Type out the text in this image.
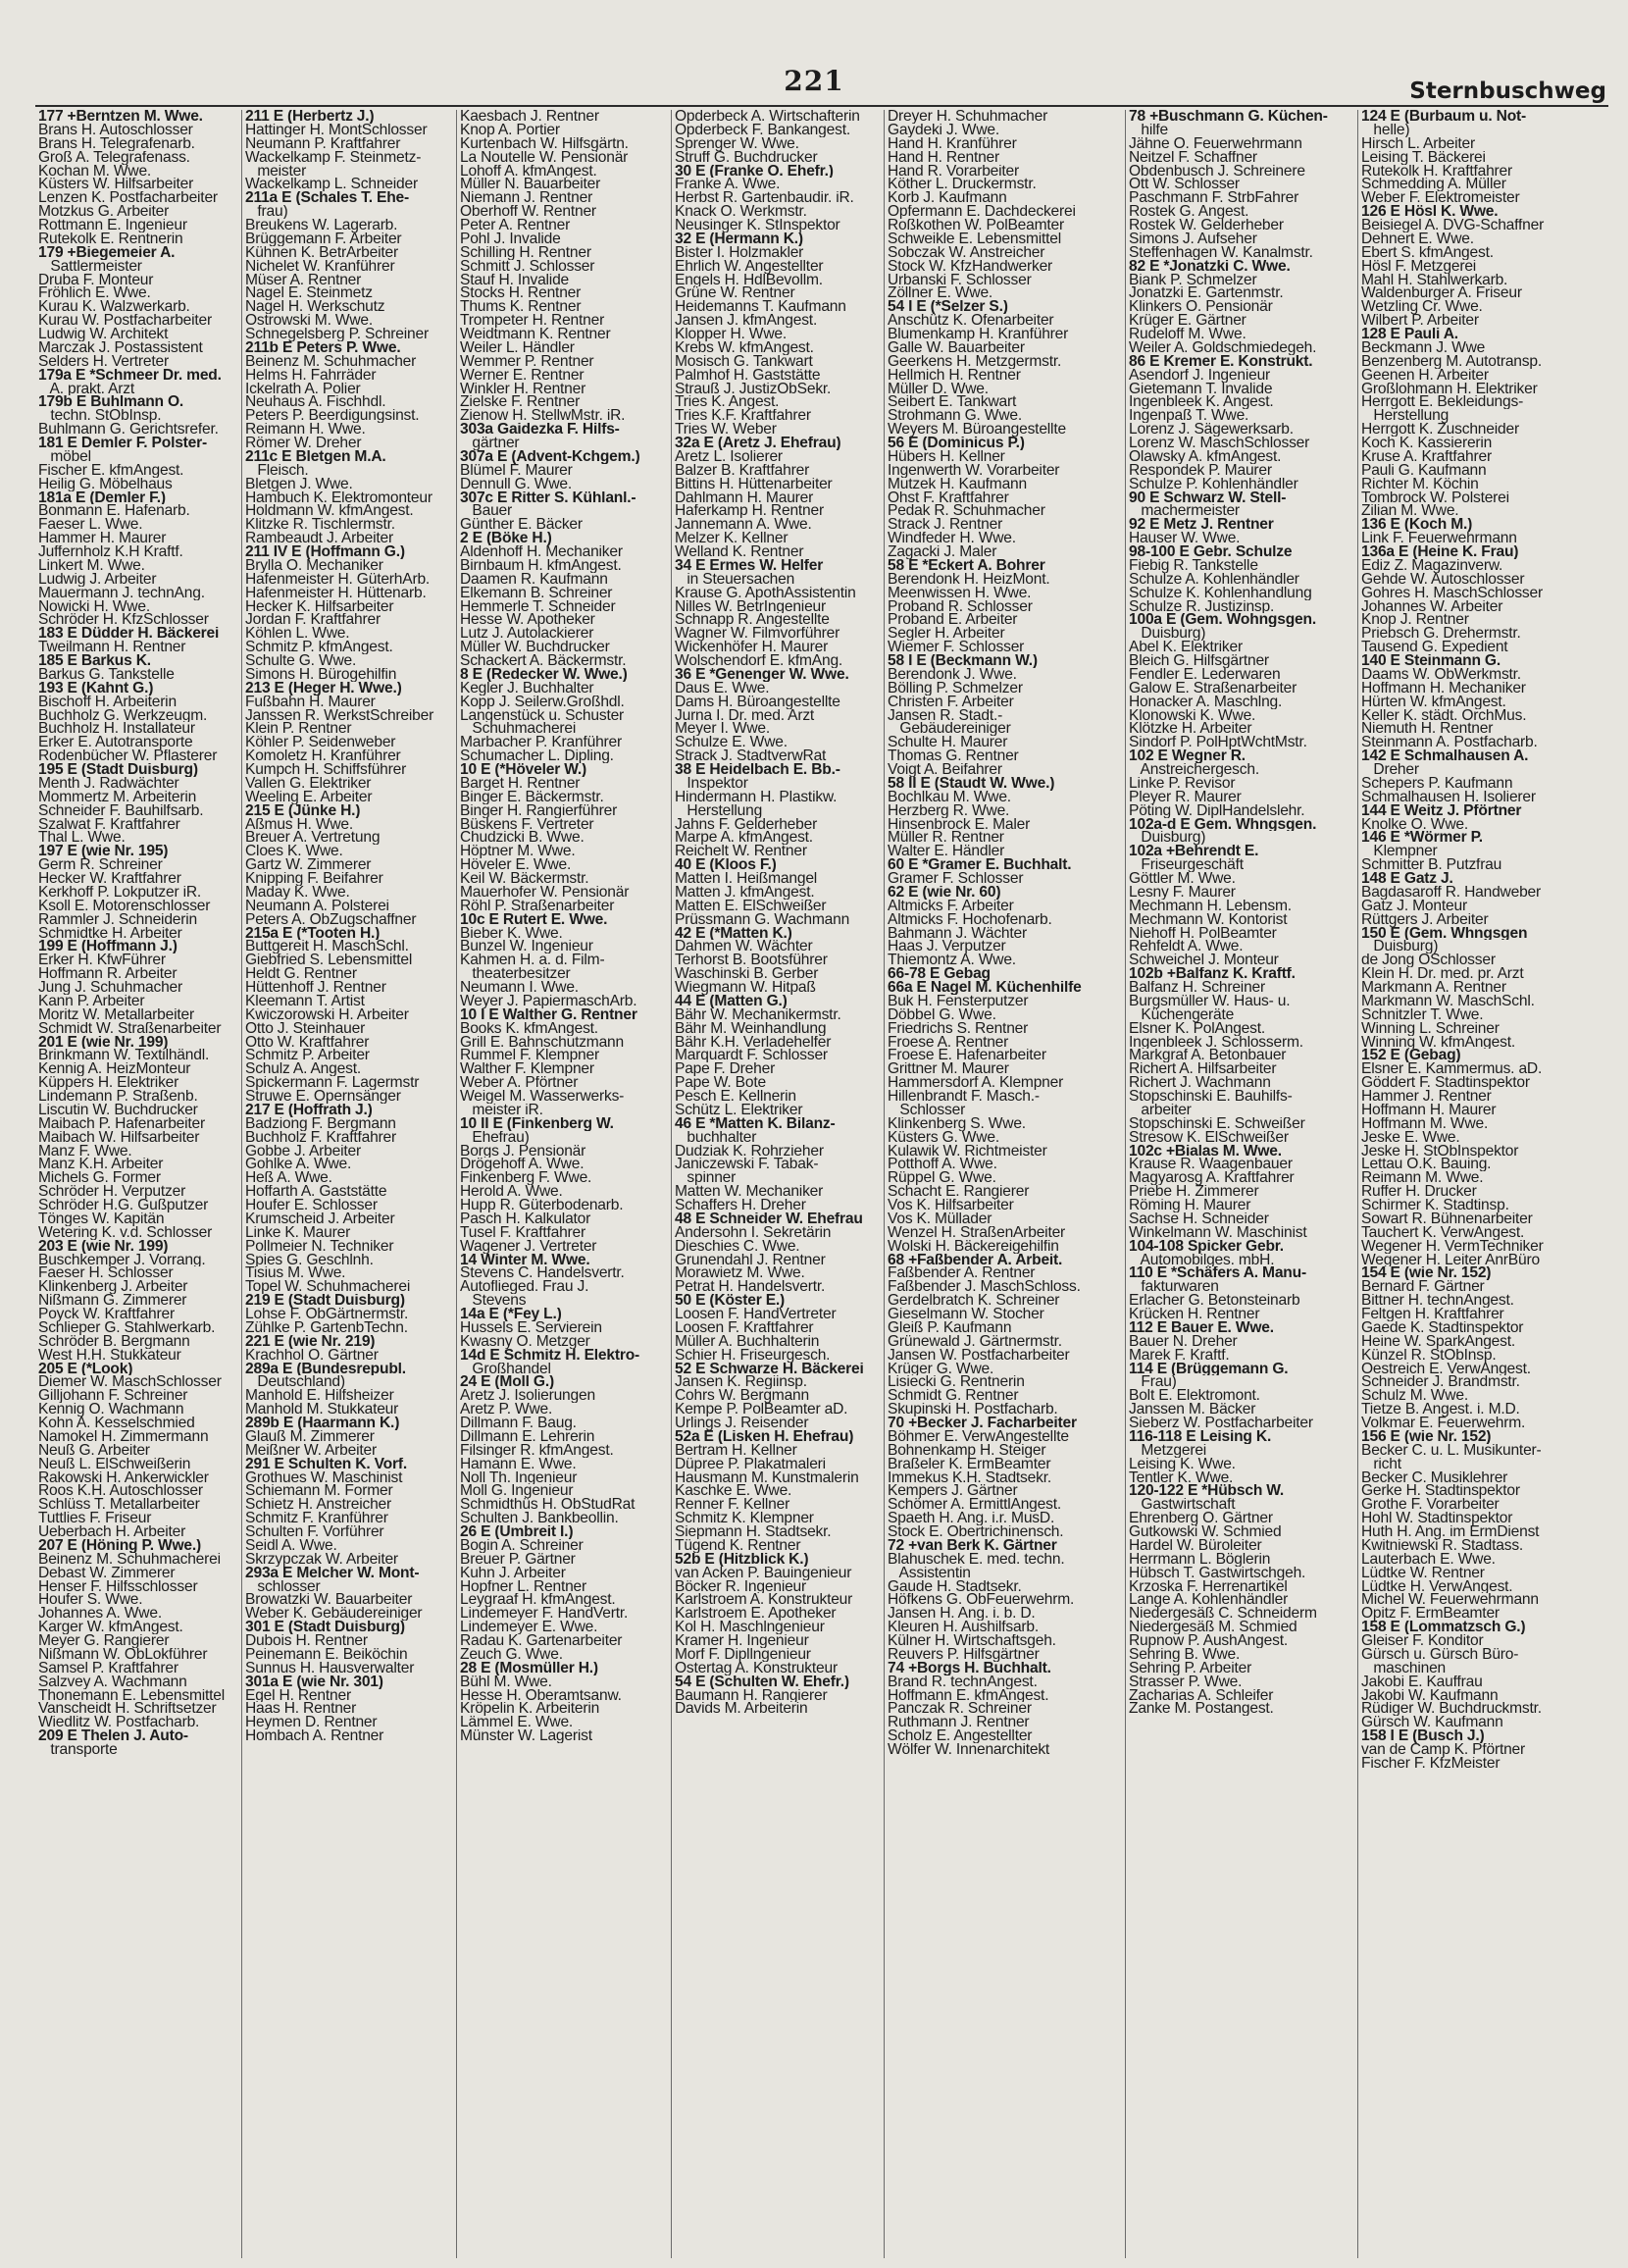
221	Sternbuschweg
177 +Berntzen M. Wwe.
Brans H. Autoschlosser
Brans H. Telegrafenarb.
Groß A. Telegrafenass.
Kochan M. Wwe.
Küsters W. Hilfsarbeiter
Lenzen K. Postfacharbeiter
Motzkus G. Arbeiter
Rottmann E. Ingenieur
Rutekolk E. Rentnerin
179 +Biegemeier A.
Sattlermeister
Druba F. Monteur
Fröhlich E. Wwe.
Kurau K. Walzwerkarb.
Kurau W. Postfacharbeiter
Ludwig W. Architekt
Marczak J. Postassistent
Selders H. Vertreter
179a E *Schmeer Dr. med.
A. prakt. Arzt
179b E Buhlmann O.
techn. StObInsp.
Buhlmann G. Gerichtsrefer.
181 E Demler F. Polster-
möbel
Fischer E. kfmAngest.
Heilig G. Möbelhaus
181a E (Demler F.)
Bonmann E. Hafenarb.
Faeser L. Wwe.
Hammer H. Maurer
Juffernholz K.H Kraftf.
Linkert M. Wwe.
Ludwig J. Arbeiter
Mauermann J. technAng.
Nowicki H. Wwe.
Schröder H. KfzSchlosser
183 E Düdder H. Bäckerei
Tweilmann H. Rentner
185 E Barkus K.
Barkus G. Tankstelle
193 E (Kahnt G.)
Bischoff H. Arbeiterin
Buchholz G. Werkzeugm.
Buchholz H. Installateur
Erker E. Autotransporte
Rodenbücher W. Pflasterer
195 E (Stadt Duisburg)
Menth J. Radwächter
Mommertz M. Arbeiterin
Schneider F. Bauhilfsarb.
Szalwat F. Kraftfahrer
Thal L. Wwe.
197 E (wie Nr. 195)
Germ R. Schreiner
Hecker W. Kraftfahrer
Kerkhoff P. Lokputzer iR.
Ksoll E. Motorenschlosser
Rammler J. Schneiderin
Schmidtke H. Arbeiter
199 E (Hoffmann J.)
Erker H. KfwFührer
Hoffmann R. Arbeiter
Jung J. Schuhmacher
Kann P. Arbeiter
Moritz W. Metallarbeiter
Schmidt W. Straßenarbeiter
201 E (wie Nr. 199)
Brinkmann W. Textilhändl.
Kennig A. HeizMonteur
Küppers H. Elektriker
Lindemann P. Straßenb.
Liscutin W. Buchdrucker
Maibach P. Hafenarbeiter
Maibach W. Hilfsarbeiter
Manz F. Wwe.
Manz K.H. Arbeiter
Michels G. Former
Schröder H. Verputzer
Schröder H.G. Gußputzer
Tönges W. Kapitän
Wetering K. v.d. Schlosser
203 E (wie Nr. 199)
Buschkemper J. Vorrang.
Faeser H. Schlosser
Klinkenberg J. Arbeiter
Nißmann G. Zimmerer
Poyck W. Kraftfahrer
Schlieper G. Stahlwerkarb.
Schröder B. Bergmann
West H.H. Stukkateur
205 E (*Look)
Diemer W. MaschSchlosser
Gilljohann F. Schreiner
Kennig O. Wachmann
Kohn A. Kesselschmied
Namokel H. Zimmermann
Neuß G. Arbeiter
Neuß L. ElSchweißerin
Rakowski H. Ankerwickler
Roos K.H. Autoschlosser
Schlüss T. Metallarbeiter
Tuttlies F. Friseur
Ueberbach H. Arbeiter
207 E (Höning P. Wwe.)
Beinenz M. Schuhmacherei
Debast W. Zimmerer
Henser F. Hilfsschlosser
Houfer S. Wwe.
Johannes A. Wwe.
Karger W. kfmAngest.
Meyer G. Rangierer
Nißmann W. ObLokführer
Samsel P. Kraftfahrer
Salzvey A. Wachmann
Thonemann E. Lebensmittel
Vanscheidt H. Schriftsetzer
Wiedlitz W. Postfacharb.
209 E Thelen J. Auto-
transporte
211 E (Herbertz J.)
Hattinger H. MontSchlosser
Neumann P. Kraftfahrer
Wackelkamp F. Steinmetz-
meister
Wackelkamp L. Schneider
211a E (Schales T. Ehe-
frau)
Breukens W. Lagerarb.
Brüggemann F. Arbeiter
Kühnen K. BetrArbeiter
Nichelet W. Kranführer
Müser A. Rentner
Nagel E. Steinmetz
Nagel H. Werkschutz
Ostrowski M. Wwe.
Schnegelsberg P. Schreiner
211b E Peters P. Wwe.
Beinenz M. Schuhmacher
Helms H. Fahrräder
Ickelrath A. Polier
Neuhaus A. Fischhdl.
Peters P. Beerdigungsinst.
Reimann H. Wwe.
Römer W. Dreher
211c E Bletgen M.A.
Fleisch.
Bletgen J. Wwe.
Hambuch K. Elektromonteur
Holdmann W. kfmAngest.
Klitzke R. Tischlermstr.
Rambeaudt J. Arbeiter
211 IV E (Hoffmann G.)
Brylla O. Mechaniker
Hafenmeister H. GüterhArb.
Hafenmeister H. Hüttenarb.
Hecker K. Hilfsarbeiter
Jordan F. Kraftfahrer
Köhlen L. Wwe.
Schmitz P. kfmAngest.
Schulte G. Wwe.
Simons H. Bürogehilfin
213 E (Heger H. Wwe.)
Fußbahn H. Maurer
Janssen R. WerkstSchreiber
Klein P. Rentner
Köhler P. Seidenweber
Komoletz H. Kranführer
Kumpch H. Schiffsführer
Vallen G. Elektriker
Weeling E. Arbeiter
215 E (Jünke H.)
Aßmus H. Wwe.
Breuer A. Vertretung
Cloes K. Wwe.
Gartz W. Zimmerer
Knipping F. Beifahrer
Maday K. Wwe.
Neumann A. Polsterei
Peters A. ObZugschaffner
215a E (*Tooten H.)
Buttgereit H. MaschSchl.
Giebfried S. Lebensmittel
Heldt G. Rentner
Hüttenhoff J. Rentner
Kleemann T. Artist
Kwiczorowski H. Arbeiter
Otto J. Steinhauer
Otto W. Kraftfahrer
Schmitz P. Arbeiter
Schulz A. Angest.
Spickermann F. Lagermstr
Struwe E. Opernsänger
217 E (Hoffrath J.)
Badziong F. Bergmann
Buchholz F. Kraftfahrer
Gobbe J. Arbeiter
Gohlke A. Wwe.
Heß A. Wwe.
Hoffarth A. Gaststätte
Houfer E. Schlosser
Krumscheid J. Arbeiter
Linke K. Maurer
Pollmeier N. Techniker
Spies G. Geschlnh.
Tisius M. Wwe.
Topel W. Schuhmacherei
219 E (Stadt Duisburg)
Lohse F. ObGärtnermstr.
Zühlke P. GartenbTechn.
221 E (wie Nr. 219)
Krachhol O. Gärtner
289a E (Bundesrepubl.
Deutschland)
Manhold E. Hilfsheizer
Manhold M. Stukkateur
289b E (Haarmann K.)
Glauß M. Zimmerer
Meißner W. Arbeiter
291 E Schulten K. Vorf.
Grothues W. Maschinist
Schiemann M. Former
Schietz H. Anstreicher
Schmitz F. Kranführer
Schulten F. Vorführer
Seidl A. Wwe.
Skrzypczak W. Arbeiter
293a E Melcher W. Mont-
schlosser
Browatzki W. Bauarbeiter
Weber K. Gebäudereiniger
301 E (Stadt Duisburg)
Dubois H. Rentner
Peinemann E. Beiköchin
Sunnus H. Hausverwalter
301a E (wie Nr. 301)
Egel H. Rentner
Haas H. Rentner
Heymen D. Rentner
Hombach A. Rentner
Kaesbach J. Rentner
Knop A. Portier
Kurtenbach W. Hilfsgärtn.
La Noutelle W. Pensionär
Lohoff A. kfmAngest.
Müller N. Bauarbeiter
Niemann J. Rentner
Oberhoff W. Rentner
Peter A. Rentner
Pohl J. Invalide
Schilling H. Rentner
Schmitt J. Schlosser
Stauf H. Invalide
Stocks H. Rentner
Thums K. Rentner
Trompeter H. Rentner
Weidtmann K. Rentner
Weiler L. Händler
Wemmer P. Rentner
Werner E. Rentner
Winkler H. Rentner
Zielske F. Rentner
Zienow H. StellwMstr. iR.
303a Gaidezka F. Hilfs-
gärtner
307a E (Advent-Kchgem.)
Blümel F. Maurer
Dennull G. Wwe.
307c E Ritter S. Kühlanl.-
Bauer
Günther E. Bäcker
2 E (Böke H.)
Aldenhoff H. Mechaniker
Birnbaum H. kfmAngest.
Daamen R. Kaufmann
Elkemann B. Schreiner
Hemmerle T. Schneider
Hesse W. Apotheker
Lutz J. Autolackierer
Müller W. Buchdrucker
Schackert A. Bäckermstr.
8 E (Redecker W. Wwe.)
Kegler J. Buchhalter
Kopp J. Seilerw.Großhdl.
Langenstück u. Schuster
Schuhmacherei
Marbacher P. Kranführer
Schumacher L. Dipling.
10 E (*Höveler W.)
Barget H. Rentner
Binger E. Bäckermstr.
Binger H. Rangierführer
Büskens F. Vertreter
Chudzicki B. Wwe.
Höptner M. Wwe.
Höveler E. Wwe.
Keil W. Bäckermstr.
Mauerhofer W. Pensionär
Röhl P. Straßenarbeiter
10c E Rutert E. Wwe.
Bieber K. Wwe.
Bunzel W. Ingenieur
Kahmen H. a. d. Film-
theaterbesitzer
Neumann I. Wwe.
Weyer J. PapiermaschArb.
10 I E Walther G. Rentner
Books K. kfmAngest.
Grill E. Bahnschutzmann
Rummel F. Klempner
Walther F. Klempner
Weber A. Pförtner
Weigel M. Wasserwerks-
meister iR.
10 II E (Finkenberg W.
Ehefrau)
Borgs J. Pensionär
Drögehoff A. Wwe.
Finkenberg F. Wwe.
Herold A. Wwe.
Hupp R. Güterbodenarb.
Pasch H. Kalkulator
Tusel F. Kraftfahrer
Wagener J. Vertreter
14 Winter M. Wwe.
Stevens C. Handelsvertr.
Autoflieged. Frau J.
Stevens
14a E (*Fey L.)
Hussels E. Servierein
Kwasny O. Metzger
14d E Schmitz H. Elektro-
Großhandel
24 E (Moll G.)
Aretz J. Isolierungen
Aretz P. Wwe.
Dillmann F. Baug.
Dillmann E. Lehrerin
Filsinger R. kfmAngest.
Hamann E. Wwe.
Noll Th. Ingenieur
Moll G. Ingenieur
Schmidthüs H. ObStudRat
Schulten J. Bankbeollin.
26 E (Umbreit I.)
Bogin A. Schreiner
Breuer P. Gärtner
Kuhn J. Arbeiter
Hopfner L. Rentner
Leygraaf H. kfmAngest.
Lindemeyer F. HandVertr.
Lindemeyer E. Wwe.
Radau K. Gartenarbeiter
Zeuch G. Wwe.
28 E (Mosmüller H.)
Bühl M. Wwe.
Hesse H. Oberamtsanw.
Kröpelin K. Arbeiterin
Lämmel E. Wwe.
Münster W. Lagerist
Opderbeck A. Wirtschafterin
Opderbeck F. Bankangest.
Sprenger W. Wwe.
Struff G. Buchdrucker
30 E (Franke O. Ehefr.)
Franke A. Wwe.
Herbst R. Gartenbaudir. iR.
Knack O. Werkmstr.
Neusinger K. StInspektor
32 E (Hermann K.)
Bister I. Holzmakler
Ehrlich W. Angestellter
Engels H. HdlBevollm.
Grüne W. Rentner
Heidemanns T. Kaufmann
Jansen J. kfmAngest.
Klopper H. Wwe.
Krebs W. kfmAngest.
Mosisch G. Tankwart
Palmhof H. Gaststätte
Strauß J. JustizObSekr.
Tries K. Angest.
Tries K.F. Kraftfahrer
Tries W. Weber
32a E (Aretz J. Ehefrau)
Aretz L. Isolierer
Balzer B. Kraftfahrer
Bittins H. Hüttenarbeiter
Dahlmann H. Maurer
Haferkamp H. Rentner
Jannemann A. Wwe.
Melzer K. Kellner
Welland K. Rentner
34 E Ermes W. Helfer
in Steuersachen
Krause G. ApothAssistentin
Nilles W. BetrIngenieur
Schnapp R. Angestellte
Wagner W. Filmvorführer
Wickenhöfer H. Maurer
Wolschendorf E. kfmAng.
36 E *Genenger W. Wwe.
Daus E. Wwe.
Dams H. Büroangestellte
Jurna I. Dr. med. Arzt
Meyer I. Wwe.
Schulze E. Wwe.
Strack J. StadtverwRat
38 E Heidelbach E. Bb.-
Inspektor
Hindermann H. Plastikw.
Herstellung
Jahns F. Gelderheber
Marpe A. kfmAngest.
Reichelt W. Rentner
40 E (Kloos F.)
Matten I. Heißmangel
Matten J. kfmAngest.
Matten E. ElSchweißer
Prüssmann G. Wachmann
42 E (*Matten K.)
Dahmen W. Wächter
Terhorst B. Bootsführer
Waschinski B. Gerber
Wiegmann W. Hitpaß
44 E (Matten G.)
Bähr W. Mechanikermstr.
Bähr M. Weinhandlung
Bähr K.H. Verladehelfer
Marquardt F. Schlosser
Pape F. Dreher
Pape W. Bote
Pesch E. Kellnerin
Schütz L. Elektriker
46 E *Matten K. Bilanz-
buchhalter
Dudziak K. Rohrzieher
Janiczewski F. Tabak-
spinner
Matten W. Mechaniker
Schaffers H. Dreher
48 E Schneider W. Ehefrau
Andersohn I. Sekretärin
Dieschies C. Wwe.
Grunendahl J. Rentner
Morawietz M. Wwe.
Petrat H. Handelsvertr.
50 E (Köster E.)
Loosen F. HandVertreter
Loosen F. Kraftfahrer
Müller A. Buchhalterin
Schier H. Friseurgesch.
52 E Schwarze H. Bäckerei
Jansen K. Regiinsp.
Cohrs W. Bergmann
Kempe P. PolBeamter aD.
Urlings J. Reisender
52a E (Lisken H. Ehefrau)
Bertram H. Kellner
Düpree P. Plakatmaleri
Hausmann M. Kunstmalerin
Kaschke E. Wwe.
Renner F. Kellner
Schmitz K. Klempner
Siepmann H. Stadtsekr.
Tügend K. Rentner
52b E (Hitzblick K.)
van Acken P. Bauingenieur
Böcker R. Ingenieur
Karlstroem A. Konstrukteur
Karlstroem E. Apotheker
Kol H. Maschlngenieur
Kramer H. Ingenieur
Morf F. Dipllngenieur
Ostertag A. Konstrukteur
54 E (Schulten W. Ehefr.)
Baumann H. Rangierer
Davids M. Arbeiterin
Dreyer H. Schuhmacher
Gaydeki J. Wwe.
Hand H. Kranführer
Hand H. Rentner
Hand R. Vorarbeiter
Köther L. Druckermstr.
Korb J. Kaufmann
Opfermann E. Dachdeckerei
Roßkothen W. PolBeamter
Schweikle E. Lebensmittel
Sobczak W. Anstreicher
Stock W. KfzHandwerker
Urbanski F. Schlosser
Zöllner E. Wwe.
54 I E (*Selzer S.)
Anschütz K. Ofenarbeiter
Blumenkamp H. Kranführer
Galle W. Bauarbeiter
Geerkens H. Metzgermstr.
Hellmich H. Rentner
Müller D. Wwe.
Seibert E. Tankwart
Strohmann G. Wwe.
Weyers M. Büroangestellte
56 E (Dominicus P.)
Hübers H. Kellner
Ingenwerth W. Vorarbeiter
Mutzek H. Kaufmann
Ohst F. Kraftfahrer
Pedak R. Schuhmacher
Strack J. Rentner
Windfeder H. Wwe.
Zagacki J. Maler
58 E *Eckert A. Bohrer
Berendonk H. HeizMont.
Meenwissen H. Wwe.
Proband R. Schlosser
Proband E. Arbeiter
Segler H. Arbeiter
Wiemer F. Schlosser
58 I E (Beckmann W.)
Berendonk J. Wwe.
Bölling P. Schmelzer
Christen F. Arbeiter
Jansen R. Stadt.-
Gebäudereiniger
Schulte H. Maurer
Thomas G. Rentner
Voigt A. Beifahrer
58 II E (Staudt W. Wwe.)
Bochlkau M. Wwe.
Herzberg R. Wwe.
Hinsenbrock E. Maler
Müller R. Rentner
Walter E. Händler
60 E *Gramer E. Buchhalt.
Gramer F. Schlosser
62 E (wie Nr. 60)
Altmicks F. Arbeiter
Altmicks F. Hochofenarb.
Bahmann J. Wächter
Haas J. Verputzer
Thiemontz A. Wwe.
66-78 E Gebag
66a E Nagel M. Küchenhilfe
Buk H. Fensterputzer
Döbbel G. Wwe.
Friedrichs S. Rentner
Froese A. Rentner
Froese E. Hafenarbeiter
Grittner M. Maurer
Hammersdorf A. Klempner
Hillenbrandt F. Masch.-
Schlosser
Klinkenberg S. Wwe.
Küsters G. Wwe.
Kulawik W. Richtmeister
Potthoff A. Wwe.
Rüppel G. Wwe.
Schacht E. Rangierer
Vos K. Hilfsarbeiter
Vos K. Müllader
Wenzel H. StraßenArbeiter
Wolski H. Bäckereigehilfin
68 +Faßbender A. Arbeit.
Faßbender A. Rentner
Faßbender J. MaschSchloss.
Gerdelbratch K. Schreiner
Gieselmann W. Stocher
Gleiß P. Kaufmann
Grünewald J. Gärtnermstr.
Jansen W. Postfacharbeiter
Krüger G. Wwe.
Lisiecki G. Rentnerin
Schmidt G. Rentner
Skupinski H. Postfacharb.
70 +Becker J. Facharbeiter
Böhmer E. VerwAngestellte
Bohnenkamp H. Steiger
Braßeler K. ErmBeamter
Immekus K.H. Stadtsekr.
Kempers J. Gärtner
Schömer A. ErmittlAngest.
Spaeth H. Ang. i.r. MusD.
Stock E. Obertrichinensch.
72 +van Berk K. Gärtner
Blahuschek E. med. techn.
Assistentin
Gaude H. Stadtsekr.
Höfkens G. ObFeuerwehrm.
Jansen H. Ang. i. b. D.
Kleuren H. Aushilfsarb.
Külner H. Wirtschaftsgeh.
Reuvers P. Hilfsgärtner
74 +Borgs H. Buchhalt.
Brand R. technAngest.
Hoffmann E. kfmAngest.
Panczak R. Schreiner
Ruthmann J. Rentner
Scholz E. Angestellter
Wölfer W. Innenarchitekt
78 +Buschmann G. Küchen-
hilfe
Jähne O. Feuerwehrmann
Neitzel F. Schaffner
Obdenbusch J. Schreinere
Ott W. Schlosser
Paschmann F. StrbFahrer
Rostek G. Angest.
Rostek W. Gelderheber
Simons J. Aufseher
Steffenhagen W. Kanalmstr.
82 E *Jonatzki C. Wwe.
Biank P. Schmelzer
Jonatzki E. Gartenmstr.
Klinkers O. Pensionär
Krüger E. Gärtner
Rudeloff M. Wwe.
Weiler A. Goldschmiedegeh.
86 E Kremer E. Konstrukt.
Asendorf J. Ingenieur
Gietemann T. Invalide
Ingenbleek K. Angest.
Ingenpaß T. Wwe.
Lorenz J. Sägewerksarb.
Lorenz W. MaschSchlosser
Olawsky A. kfmAngest.
Respondek P. Maurer
Schulze P. Kohlenhändler
90 E Schwarz W. Stell-
machermeister
92 E Metz J. Rentner
Hauser W. Wwe.
98-100 E Gebr. Schulze
Fiebig R. Tankstelle
Schulze A. Kohlenhändler
Schulze K. Kohlenhandlung
Schulze R. Justizinsp.
100a E (Gem. Wohngsgen.
Duisburg)
Abel K. Elektriker
Bleich G. Hilfsgärtner
Fendler E. Lederwaren
Galow E. Straßenarbeiter
Honacker A. Maschlng.
Klonowski K. Wwe.
Klötzke H. Arbeiter
Sindorf P. PolHptWchtMstr.
102 E Wegner R.
Anstreichergesch.
Linke P. Revisor
Pleyer R. Maurer
Pöting W. DiplHandelslehr.
102a-d E Gem. Whngsgen.
Duisburg)
102a +Behrendt E.
Friseurgeschäft
Göttler M. Wwe.
Lesny F. Maurer
Mechmann H. Lebensm.
Mechmann W. Kontorist
Niehoff H. PolBeamter
Rehfeldt A. Wwe.
Schweichel J. Monteur
102b +Balfanz K. Kraftf.
Balfanz H. Schreiner
Burgsmüller W. Haus- u.
Küchengeräte
Elsner K. PolAngest.
Ingenbleek J. Schlosserm.
Markgraf A. Betonbauer
Richert A. Hilfsarbeiter
Richert J. Wachmann
Stopschinski E. Bauhilfs-
arbeiter
Stopschinski E. Schweißer
Stresow K. ElSchweißer
102c +Bialas M. Wwe.
Krause R. Waagenbauer
Magyarosg A. Kraftfahrer
Priebe H. Zimmerer
Röming H. Maurer
Sachse H. Schneider
Winkelmann W. Maschinist
104-108 Spicker Gebr.
Automobilges. mbH.
110 E *Schäfers A. Manu-
fakturwaren
Erlacher G. Betonsteinarb
Krücken H. Rentner
112 E Bauer E. Wwe.
Bauer N. Dreher
Marek F. Kraftf.
114 E (Brüggemann G.
Frau)
Bolt E. Elektromont.
Janssen M. Bäcker
Sieberz W. Postfacharbeiter
116-118 E Leising K.
Metzgerei
Leising K. Wwe.
Tentler K. Wwe.
120-122 E *Hübsch W.
Gastwirtschaft
Ehrenberg O. Gärtner
Gutkowski W. Schmied
Hardel W. Büroleiter
Herrmann L. Böglerin
Hübsch T. Gastwirtschgeh.
Krzoska F. Herrenartikel
Lange A. Kohlenhändler
Niedergesäß C. Schneiderm
Niedergesäß M. Schmied
Rupnow P. AushAngest.
Sehring B. Wwe.
Sehring P. Arbeiter
Strasser P. Wwe.
Zacharias A. Schleifer
Zanke M. Postangest.
124 E (Burbaum u. Not-
helle)
Hirsch L. Arbeiter
Leising T. Bäckerei
Rutekolk H. Kraftfahrer
Schmedding A. Müller
Weber F. Elektromeister
126 E Hösl K. Wwe.
Beisiegel A. DVG-Schaffner
Dehnert E. Wwe.
Ebert S. kfmAngest.
Hösl F. Metzgerei
Mahl H. Stahlwerkarb.
Waldenburger A. Friseur
Wetzling Cr. Wwe.
Wilbert P. Arbeiter
128 E Pauli A.
Beckmann J. Wwe
Benzenberg M. Autotransp.
Geenen H. Arbeiter
Großlohmann H. Elektriker
Herrgott E. Bekleidungs-
Herstellung
Herrgott K. Zuschneider
Koch K. Kassiererin
Kruse A. Kraftfahrer
Pauli G. Kaufmann
Richter M. Köchin
Tombrock W. Polsterei
Zilian M. Wwe.
136 E (Koch M.)
Link F. Feuerwehrmann
136a E (Heine K. Frau)
Ediz Z. Magazinverw.
Gehde W. Autoschlosser
Gohres H. MaschSchlosser
Johannes W. Arbeiter
Knop J. Rentner
Priebsch G. Drehermstr.
Tausend G. Expedient
140 E Steinmann G.
Daams W. ObWerkmstr.
Hoffmann H. Mechaniker
Hürten W. kfmAngest.
Keller K. städt. OrchMus.
Niemuth H. Rentner
Steinmann A. Postfacharb.
142 E Schmalhausen A.
Dreher
Schepers P. Kaufmann
Schmalhausen H. Isolierer
144 E Weitz J. Pförtner
Knolke O. Wwe.
146 E *Wörmer P.
Klempner
Schmitter B. Putzfrau
148 E Gatz J.
Bagdasaroff R. Handweber
Gatz J. Monteur
Rüttgers J. Arbeiter
150 E (Gem. Whngsgen
Duisburg)
de Jong OSchlosser
Klein H. Dr. med. pr. Arzt
Markmann A. Rentner
Markmann W. MaschSchl.
Schnitzler T. Wwe.
Winning L. Schreiner
Winning W. kfmAngest.
152 E (Gebag)
Elsner E. Kammermus. aD.
Göddert F. Stadtinspektor
Hammer J. Rentner
Hoffmann H. Maurer
Hoffmann M. Wwe.
Jeske E. Wwe.
Jeske H. StObInspektor
Lettau O.K. Bauing.
Reimann M. Wwe.
Ruffer H. Drucker
Schirmer K. Stadtinsp.
Sowart R. Bühnenarbeiter
Tauchert K. VerwAngest.
Wegener H. VermTechniker
Wegener H. Leiter AnrBüro
154 E (wie Nr. 152)
Bernard F. Gärtner
Bittner H. technAngest.
Feltgen H. Kraftfahrer
Gaede K. Stadtinspektor
Heine W. SparkAngest.
Künzel R. StObInsp.
Oestreich E. VerwAngest.
Schneider J. Brandmstr.
Schulz M. Wwe.
Tietze B. Angest. i. M.D.
Volkmar E. Feuerwehrm.
156 E (wie Nr. 152)
Becker C. u. L. Musikunter-
richt
Becker C. Musiklehrer
Gerke H. Stadtinspektor
Grothe F. Vorarbeiter
Hohl W. Stadtinspektor
Huth H. Ang. im ErmDienst
Kwitniewski R. Stadtass.
Lauterbach E. Wwe.
Lüdtke W. Rentner
Lüdtke H. VerwAngest.
Michel W. Feuerwehrmann
Opitz F. ErmBeamter
158 E (Lommatzsch G.)
Gleiser F. Konditor
Gürsch u. Gürsch Büro-
maschinen
Jakobi E. Kauffrau
Jakobi W. Kaufmann
Rüdiger W. Buchdruckmstr.
Gürsch W. Kaufmann
158 I E (Busch J.)
van de Camp K. Pförtner
Fischer F. KfzMeister
